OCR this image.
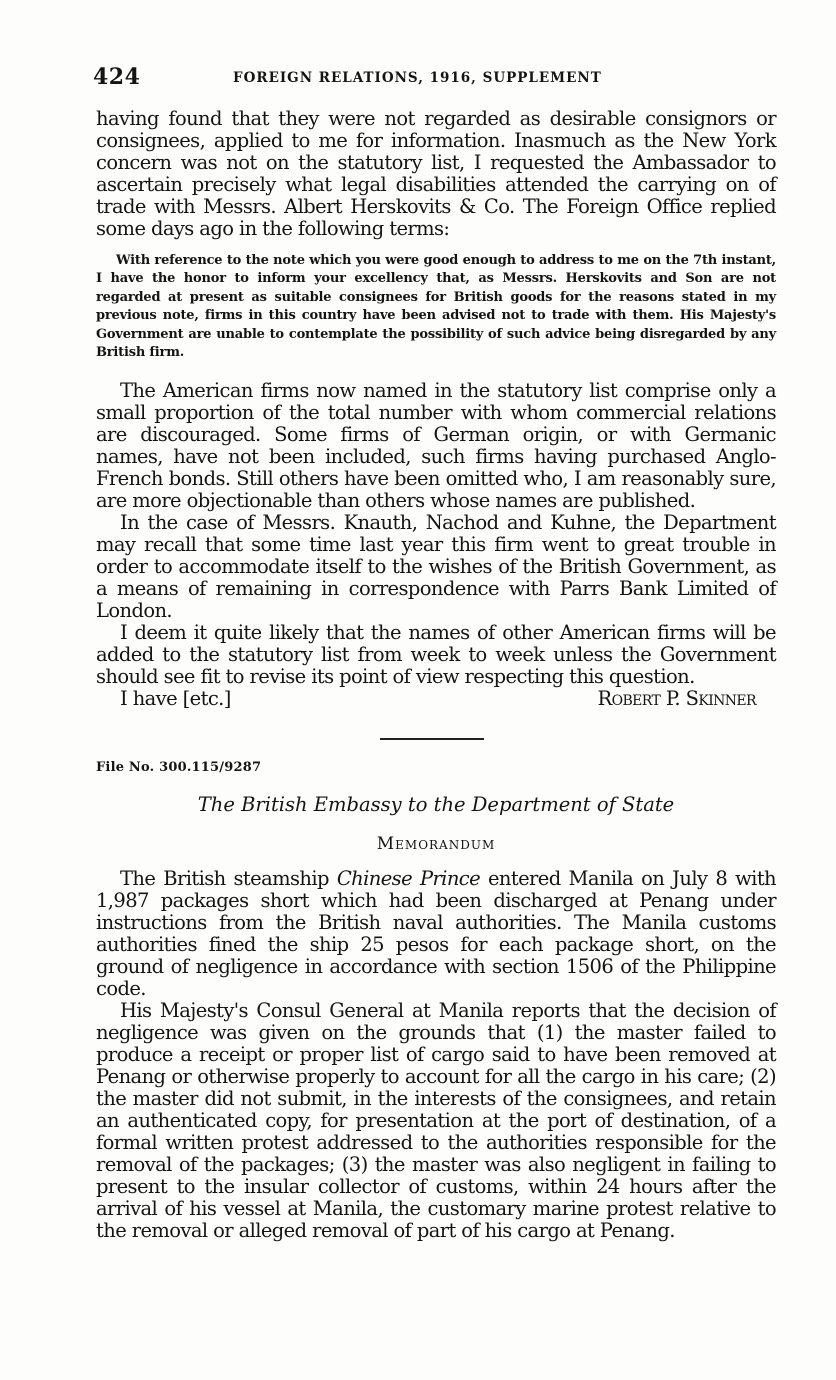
424	FOREIGN RELATIONS, 1916, SUPPLEMENT

having found that they were not regarded as desirable consignors or consignees, applied to me for information. Inasmuch as the New York concern was not on the statutory list, I requested the Ambassador to ascertain precisely what legal disabilities attended the carrying on of trade with Messrs. Albert Herskovits & Co. The Foreign Office replied some days ago in the following terms:

With reference to the note which you were good enough to address to me on the 7th instant, I have the honor to inform your excellency that, as Messrs. Herskovits and Son are not regarded at present as suitable consignees for British goods for the reasons stated in my previous note, firms in this country have been advised not to trade with them. His Majesty's Government are unable to contemplate the possibility of such advice being disregarded by any British firm.

The American firms now named in the statutory list comprise only a small proportion of the total number with whom commercial relations are discouraged. Some firms of German origin, or with Germanic names, have not been included, such firms having purchased Anglo-French bonds. Still others have been omitted who, I am reasonably sure, are more objectionable than others whose names are published.

In the case of Messrs. Knauth, Nachod and Kuhne, the Department may recall that some time last year this firm went to great trouble in order to accommodate itself to the wishes of the British Government, as a means of remaining in correspondence with Parrs Bank Limited of London.

I deem it quite likely that the names of other American firms will be added to the statutory list from week to week unless the Government should see fit to revise its point of view respecting this question.

I have [etc.]	Robert P. Skinner

File No. 300.115/9287

The British Embassy to the Department of State

Memorandum

The British steamship Chinese Prince entered Manila on July 8 with 1,987 packages short which had been discharged at Penang under instructions from the British naval authorities. The Manila customs authorities fined the ship 25 pesos for each package short, on the ground of negligence in accordance with section 1506 of the Philippine code.

His Majesty's Consul General at Manila reports that the decision of negligence was given on the grounds that (1) the master failed to produce a receipt or proper list of cargo said to have been removed at Penang or otherwise properly to account for all the cargo in his care; (2) the master did not submit, in the interests of the consignees, and retain an authenticated copy, for presentation at the port of destination, of a formal written protest addressed to the authorities responsible for the removal of the packages; (3) the master was also negligent in failing to present to the insular collector of customs, within 24 hours after the arrival of his vessel at Manila, the customary marine protest relative to the removal or alleged removal of part of his cargo at Penang.
